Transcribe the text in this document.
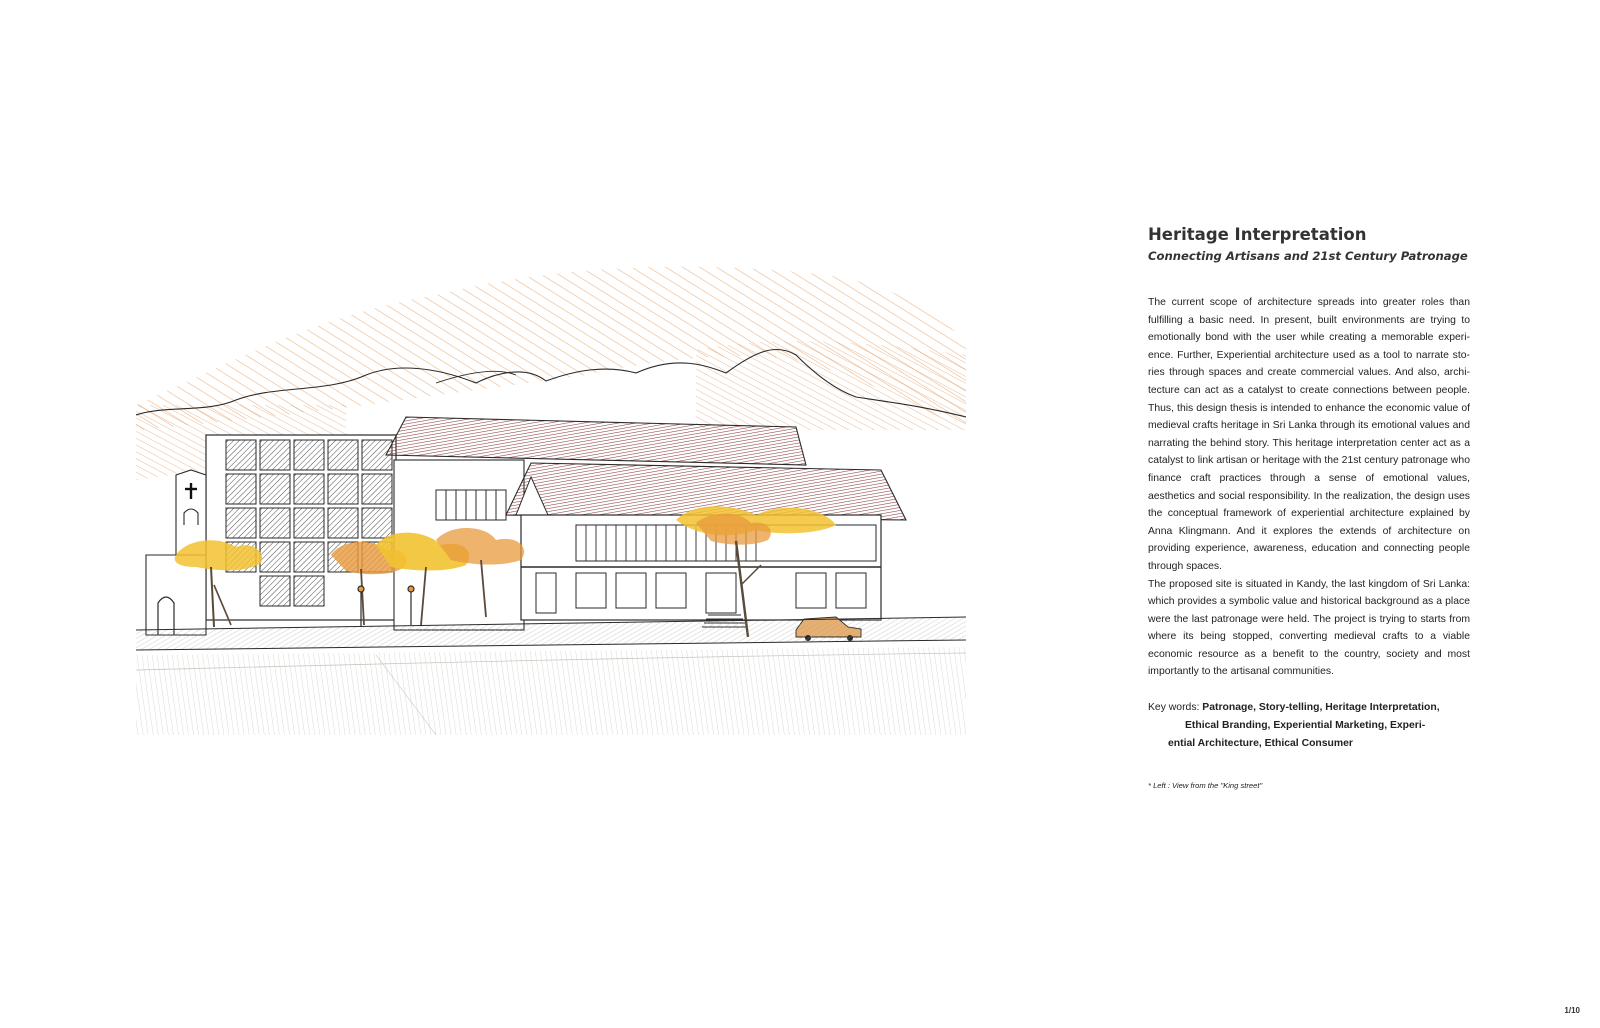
Heritage Interpretation
Connecting Artisans and 21st Century Patronage

The current scope of architecture spreads into greater roles than fulfilling a basic need. In present, built environments are trying to emotionally bond with the user while creating a memorable experience. Further, Experiential architecture used as a tool to narrate stories through spaces and create commercial values. And also, architecture can act as a catalyst to create connections between people. Thus, this design thesis is intended to enhance the economic value of medieval crafts heritage in Sri Lanka through its emotional values and narrating the behind story. This heritage interpretation center act as a catalyst to link artisan or heritage with the 21st century patronage who finance craft practices through a sense of emotional values, aesthetics and social responsibility. In the realization, the design uses the conceptual framework of experiential architecture explained by Anna Klingmann. And it explores the extends of architecture on providing experience, awareness, education and connecting people through spaces.

The proposed site is situated in Kandy, the last kingdom of Sri Lanka: which provides a symbolic value and historical background as a place were the last patronage were held. The project is trying to starts from where its being stopped, converting medieval crafts to a viable economic resource as a benefit to the country, society and most importantly to the artisanal communities.

Key words: Patronage, Story-telling, Heritage Interpretation,
Ethical Branding, Experiential Marketing, Experi-
ential Architecture, Ethical Consumer
* Left : View from the "King street"
1/10
